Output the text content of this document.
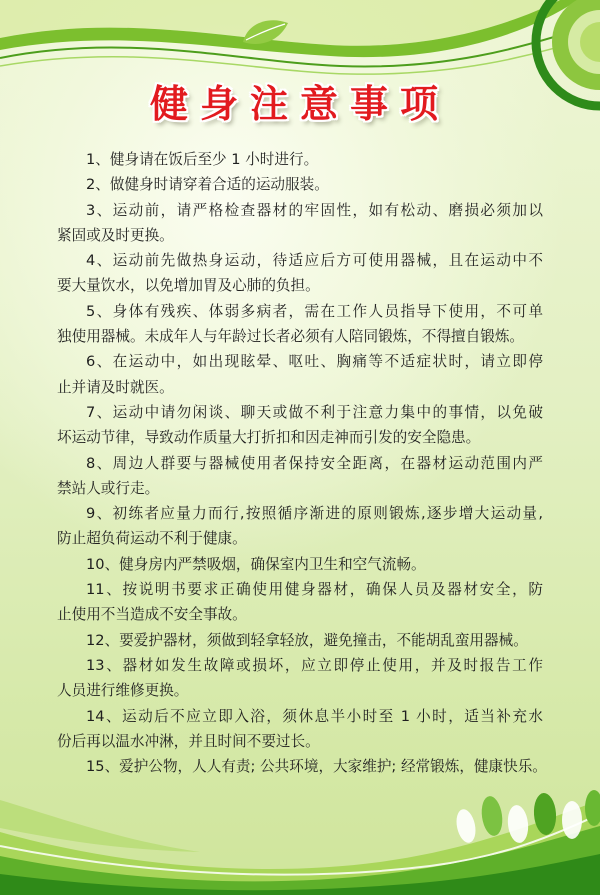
健身注意事项
1、健身请在饭后至少 1 小时进行。
2、做健身时请穿着合适的运动服装。
3、运动前，请严格检查器材的牢固性，如有松动、磨损必须加以
紧固或及时更换。
4、运动前先做热身运动，待适应后方可使用器械，且在运动中不
要大量饮水，以免增加胃及心肺的负担。
5、身体有残疾、体弱多病者，需在工作人员指导下使用，不可单
独使用器械。未成年人与年龄过长者必须有人陪同锻炼，不得擅自锻炼。
6、在运动中，如出现眩晕、呕吐、胸痛等不适症状时，请立即停
止并请及时就医。
7、运动中请勿闲谈、聊天或做不利于注意力集中的事情，以免破
坏运动节律，导致动作质量大打折扣和因走神而引发的安全隐患。
8、周边人群要与器械使用者保持安全距离，在器材运动范围内严
禁站人或行走。
9、初练者应量力而行,按照循序渐进的原则锻炼,逐步增大运动量,
防止超负荷运动不利于健康。
10、健身房内严禁吸烟，确保室内卫生和空气流畅。
11、按说明书要求正确使用健身器材，确保人员及器材安全，防
止使用不当造成不安全事故。
12、要爱护器材，须做到轻拿轻放，避免撞击，不能胡乱蛮用器械。
13、器材如发生故障或损坏，应立即停止使用，并及时报告工作
人员进行维修更换。
14、运动后不应立即入浴，须休息半小时至 1 小时，适当补充水
份后再以温水冲淋，并且时间不要过长。
15、爱护公物，人人有责; 公共环境，大家维护; 经常锻炼，健康快乐。
